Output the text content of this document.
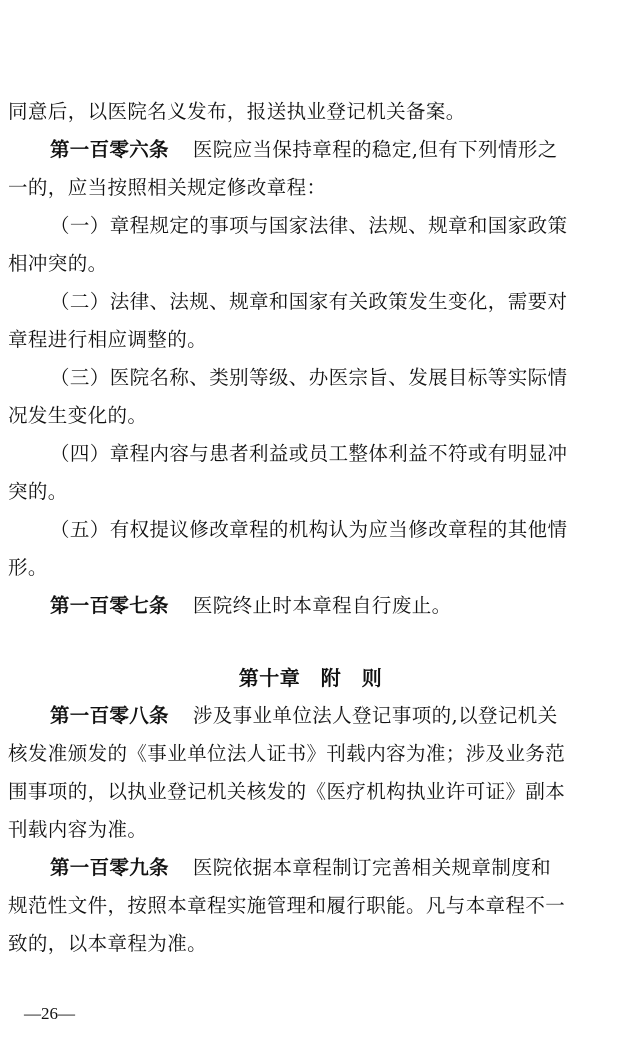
同意后，以医院名义发布，报送执业登记机关备案。
第一百零六条 医院应当保持章程的稳定,但有下列情形之
一的，应当按照相关规定修改章程：
（一）章程规定的事项与国家法律、法规、规章和国家政策
相冲突的。
（二）法律、法规、规章和国家有关政策发生变化，需要对
章程进行相应调整的。
（三）医院名称、类别等级、办医宗旨、发展目标等实际情
况发生变化的。
（四）章程内容与患者利益或员工整体利益不符或有明显冲
突的。
（五）有权提议修改章程的机构认为应当修改章程的其他情
形。
第一百零七条 医院终止时本章程自行废止。
第十章　附　则
第一百零八条 涉及事业单位法人登记事项的,以登记机关
核发准颁发的《事业单位法人证书》刊载内容为准；涉及业务范
围事项的，以执业登记机关核发的《医疗机构执业许可证》副本
刊载内容为准。
第一百零九条 医院依据本章程制订完善相关规章制度和
规范性文件，按照本章程实施管理和履行职能。凡与本章程不一
致的，以本章程为准。
—26—
